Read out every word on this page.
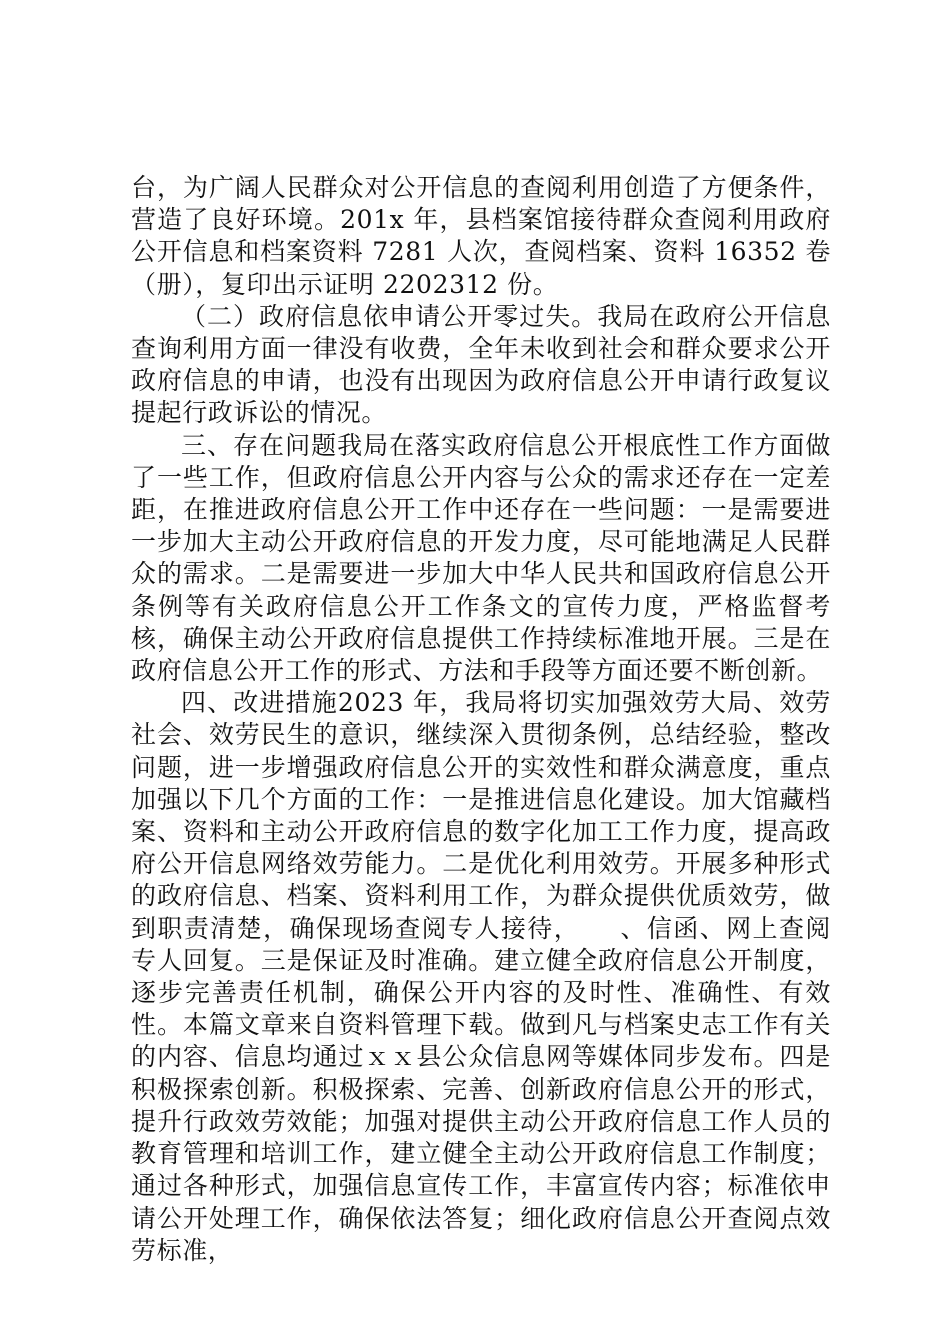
台，为广阔人民群众对公开信息的查阅利用创造了方便条件，营造了良好环境。201x 年，县档案馆接待群众查阅利用政府公开信息和档案资料 7281 人次，查阅档案、资料 16352 卷（册），复印出示证明 2202312 份。

（二）政府信息依申请公开零过失。我局在政府公开信息查询利用方面一律没有收费，全年未收到社会和群众要求公开政府信息的申请，也没有出现因为政府信息公开申请行政复议提起行政诉讼的情况。

三、存在问题我局在落实政府信息公开根底性工作方面做了一些工作，但政府信息公开内容与公众的需求还存在一定差距，在推进政府信息公开工作中还存在一些问题：一是需要进一步加大主动公开政府信息的开发力度，尽可能地满足人民群众的需求。二是需要进一步加大中华人民共和国政府信息公开条例等有关政府信息公开工作条文的宣传力度，严格监督考核，确保主动公开政府信息提供工作持续标准地开展。三是在政府信息公开工作的形式、方法和手段等方面还要不断创新。

四、改进措施2023 年，我局将切实加强效劳大局、效劳社会、效劳民生的意识，继续深入贯彻条例，总结经验，整改问题，进一步增强政府信息公开的实效性和群众满意度，重点加强以下几个方面的工作：一是推进信息化建设。加大馆藏档案、资料和主动公开政府信息的数字化加工工作力度，提高政府公开信息网络效劳能力。二是优化利用效劳。开展多种形式的政府信息、档案、资料利用工作，为群众提供优质效劳，做到职责清楚，确保现场查阅专人接待，　　、信函、网上查阅专人回复。三是保证及时准确。建立健全政府信息公开制度，逐步完善责任机制，确保公开内容的及时性、准确性、有效性。本篇文章来自资料管理下载。做到凡与档案史志工作有关的内容、信息均通过ｘｘ县公众信息网等媒体同步发布。四是积极探索创新。积极探索、完善、创新政府信息公开的形式，提升行政效劳效能；加强对提供主动公开政府信息工作人员的教育管理和培训工作，建立健全主动公开政府信息工作制度；通过各种形式，加强信息宣传工作，丰富宣传内容；标准依申请公开处理工作，确保依法答复；细化政府信息公开查阅点效劳标准，
